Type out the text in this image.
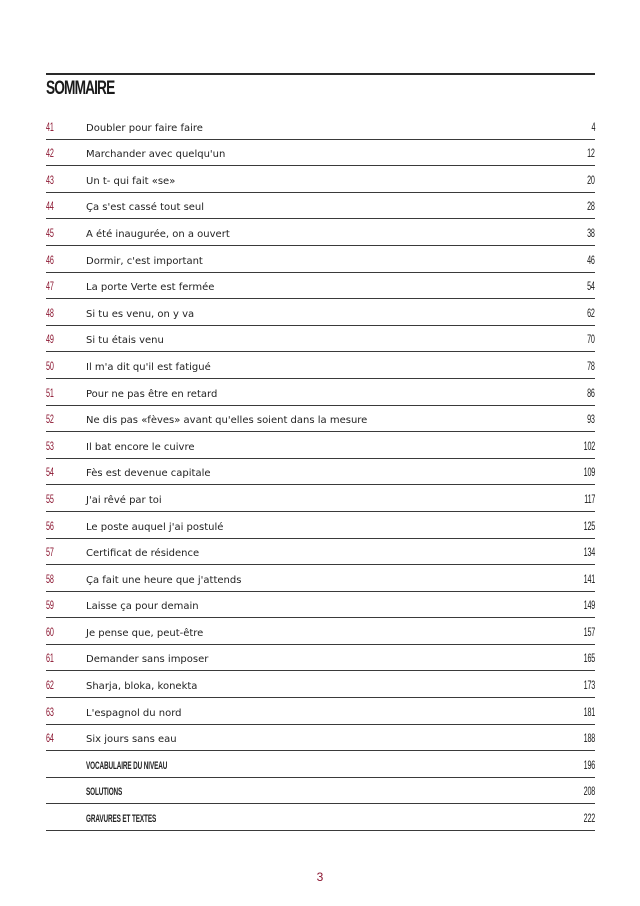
SOMMAIRE
41	Doubler pour faire faire	4
42	Marchander avec quelqu'un	12
43	Un t- qui fait «se»	20
44	Ça s'est cassé tout seul	28
45	A été inaugurée, on a ouvert	38
46	Dormir, c'est important	46
47	La porte Verte est fermée	54
48	Si tu es venu, on y va	62
49	Si tu étais venu	70
50	Il m'a dit qu'il est fatigué	78
51	Pour ne pas être en retard	86
52	Ne dis pas «fèves» avant qu'elles soient dans la mesure	93
53	Il bat encore le cuivre	102
54	Fès est devenue capitale	109
55	J'ai rêvé par toi	117
56	Le poste auquel j'ai postulé	125
57	Certificat de résidence	134
58	Ça fait une heure que j'attends	141
59	Laisse ça pour demain	149
60	Je pense que, peut-être	157
61	Demander sans imposer	165
62	Sharja, bloka, konekta	173
63	L'espagnol du nord	181
64	Six jours sans eau	188
VOCABULAIRE DU NIVEAU	196
SOLUTIONS	208
GRAVURES ET TEXTES	222
3
